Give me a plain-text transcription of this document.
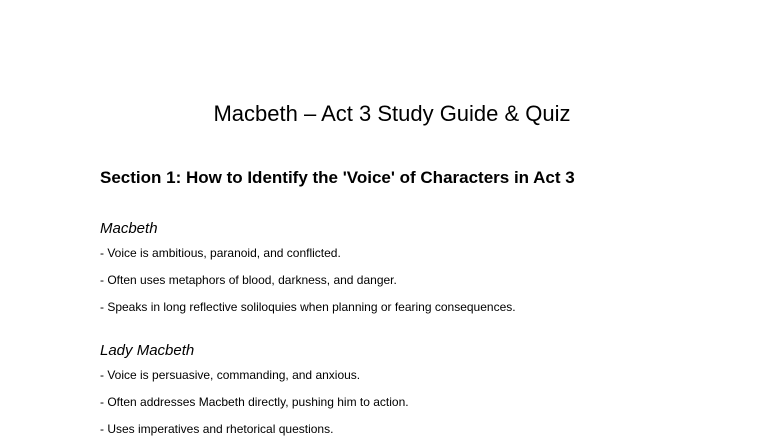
Macbeth – Act 3 Study Guide & Quiz
Section 1: How to Identify the 'Voice' of Characters in Act 3

Macbeth

- Voice is ambitious, paranoid, and conflicted.

- Often uses metaphors of blood, darkness, and danger.

- Speaks in long reflective soliloquies when planning or fearing consequences.

Lady Macbeth

- Voice is persuasive, commanding, and anxious.

- Often addresses Macbeth directly, pushing him to action.

- Uses imperatives and rhetorical questions.
